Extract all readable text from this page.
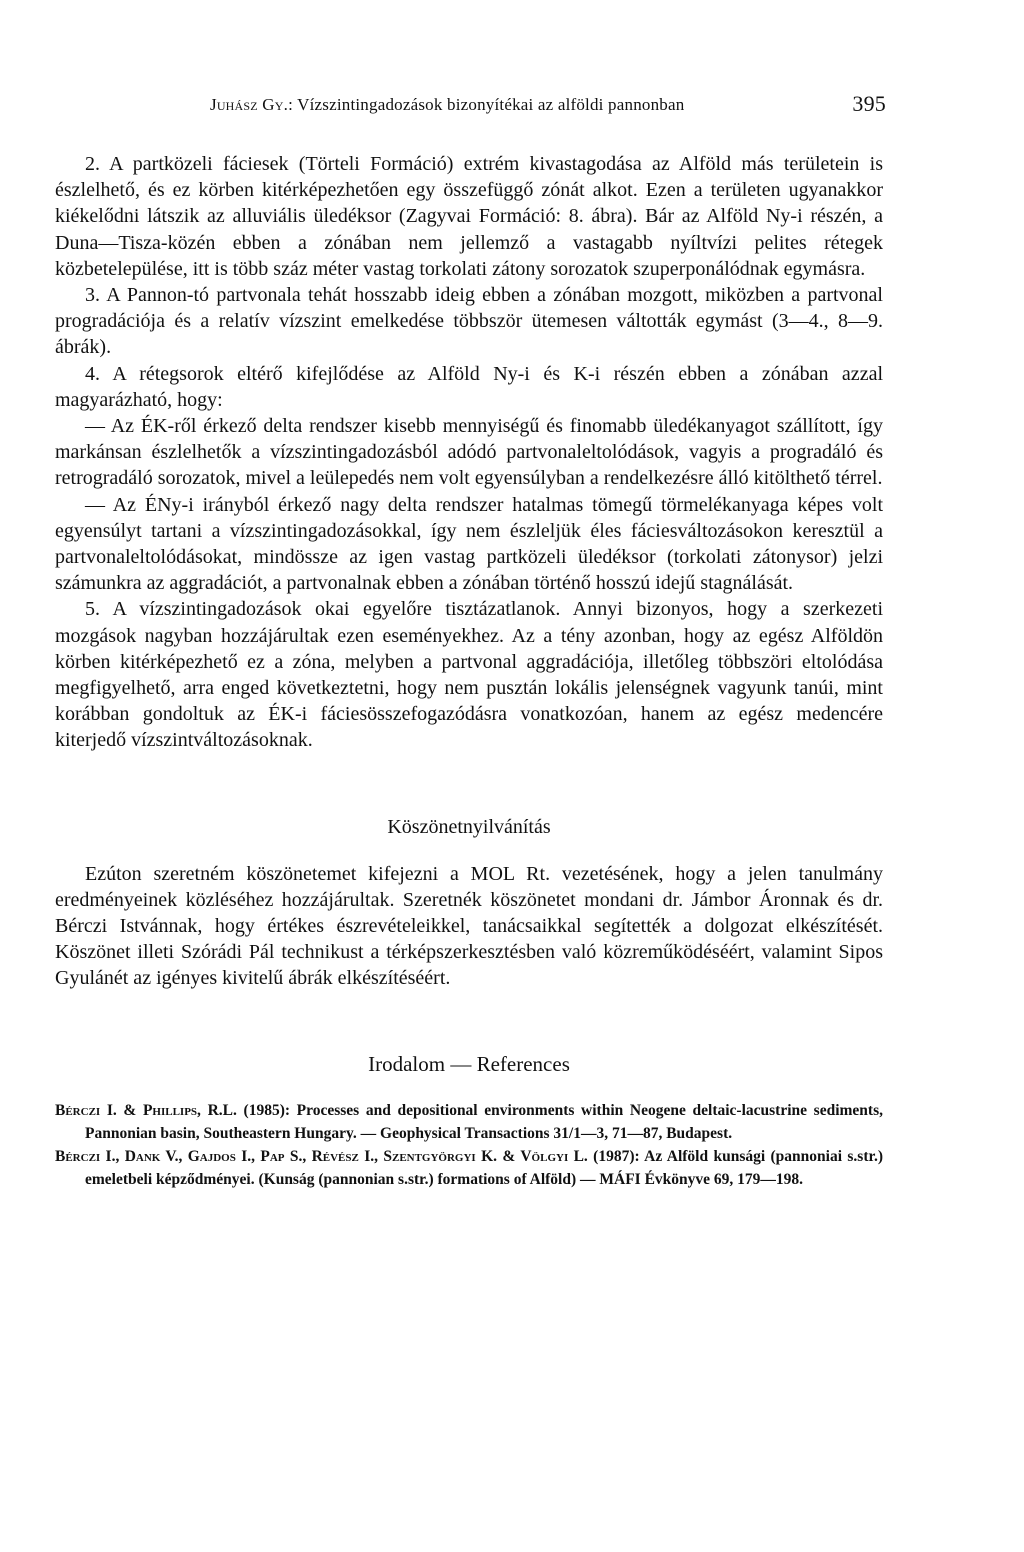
Juhász Gy.: Vízszintingadozások bizonyítékai az alföldi pannonban	395

2. A partközeli fáciesek (Törteli Formáció) extrém kivastagodása az Alföld más területein is észlelhető, és ez körben kitérképezhetően egy összefüggő zónát alkot. Ezen a területen ugyanakkor kiékelődni látszik az alluviális üledéksor (Zagyvai Formáció: 8. ábra). Bár az Alföld Ny-i részén, a Duna—Tisza-közén ebben a zónában nem jellemző a vastagabb nyíltvízi pelites rétegek közbetelepülése, itt is több száz méter vastag torkolati zátony sorozatok szuperponálódnak egymásra.

3. A Pannon-tó partvonala tehát hosszabb ideig ebben a zónában mozgott, miközben a partvonal progradációja és a relatív vízszint emelkedése többször ütemesen váltották egymást (3—4., 8—9. ábrák).

4. A rétegsorok eltérő kifejlődése az Alföld Ny-i és K-i részén ebben a zónában azzal magyarázható, hogy:

— Az ÉK-ről érkező delta rendszer kisebb mennyiségű és finomabb üledékanyagot szállított, így markánsan észlelhetők a vízszintingadozásból adódó partvonaleltolódások, vagyis a progradáló és retrogradáló sorozatok, mivel a leülepedés nem volt egyensúlyban a rendelkezésre álló kitölthető térrel.

— Az ÉNy-i irányból érkező nagy delta rendszer hatalmas tömegű törmelékanyaga képes volt egyensúlyt tartani a vízszintingadozásokkal, így nem észleljük éles fáciesváltozásokon keresztül a partvonaleltolódásokat, mindössze az igen vastag partközeli üledéksor (torkolati zátonysor) jelzi számunkra az aggradációt, a partvonalnak ebben a zónában történő hosszú idejű stagnálását.

5. A vízszintingadozások okai egyelőre tisztázatlanok. Annyi bizonyos, hogy a szerkezeti mozgások nagyban hozzájárultak ezen eseményekhez. Az a tény azonban, hogy az egész Alföldön körben kitérképezhető ez a zóna, melyben a partvonal aggradációja, illetőleg többszöri eltolódása megfigyelhető, arra enged következtetni, hogy nem pusztán lokális jelenségnek vagyunk tanúi, mint korábban gondoltuk az ÉK-i fáciesösszefogazódásra vonatkozóan, hanem az egész medencére kiterjedő vízszintváltozásoknak.

Köszönetnyilvánítás

Ezúton szeretném köszönetemet kifejezni a MOL Rt. vezetésének, hogy a jelen tanulmány eredményeinek közléséhez hozzájárultak. Szeretnék köszönetet mondani dr. Jámbor Áronnak és dr. Bérczi Istvánnak, hogy értékes észrevételeikkel, tanácsaikkal segítették a dolgozat elkészítését. Köszönet illeti Szórádi Pál technikust a térképszerkesztésben való közreműködéséért, valamint Sipos Gyulánét az igényes kivitelű ábrák elkészítéséért.

Irodalom — References

Bérczi I. & Phillips, R.L. (1985): Processes and depositional environments within Neogene deltaic-lacustrine sediments, Pannonian basin, Southeastern Hungary. — Geophysical Transactions 31/1—3, 71—87, Budapest.

Bérczi I., Dank V., Gajdos I., Pap S., Révész I., Szentgyörgyi K. & Völgyi L. (1987): Az Alföld kunsági (pannoniai s.str.) emeletbeli képződményei. (Kunság (pannonian s.str.) formations of Alföld) — MÁFI Évkönyve 69, 179—198.
